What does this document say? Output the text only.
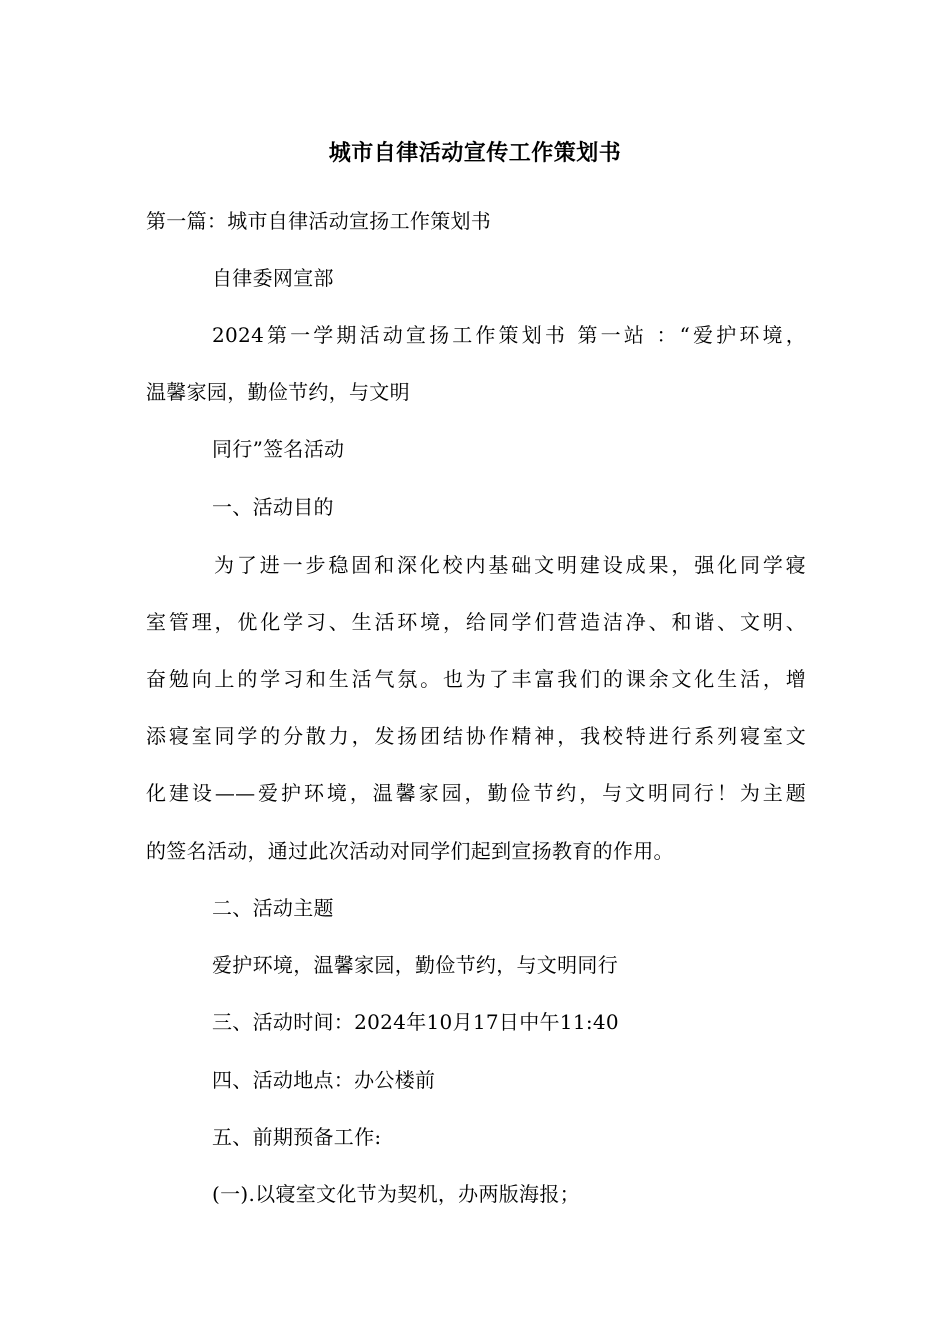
城市自律活动宣传工作策划书
第一篇：城市自律活动宣扬工作策划书
自律委网宣部
2024第一学期活动宣扬工作策划书 第一站 ：“爱护环境，
温馨家园，勤俭节约，与文明
同行”签名活动
一、活动目的
为了进一步稳固和深化校内基础文明建设成果，强化同学寝
室管理，优化学习、生活环境，给同学们营造洁净、和谐、文明、
奋勉向上的学习和生活气氛。也为了丰富我们的课余文化生活，增
添寝室同学的分散力，发扬团结协作精神，我校特进行系列寝室文
化建设——爱护环境，温馨家园，勤俭节约，与文明同行！为主题
的签名活动，通过此次活动对同学们起到宣扬教育的作用。
二、活动主题
爱护环境，温馨家园，勤俭节约，与文明同行
三、活动时间：2024年10月17日中午11:40
四、活动地点：办公楼前
五、前期预备工作:
(一).以寝室文化节为契机，办两版海报；
